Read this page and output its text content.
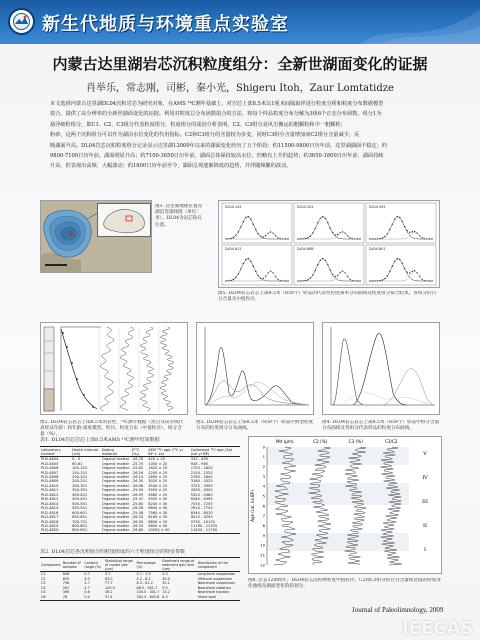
新生代地质与环境重点实验室
内蒙古达里湖岩芯沉积粒度组分：全新世湖面变化的证据
肖举乐，常志刚，司彬，秦小光，Shigeru Itoh，Zaur Lomtatidze
本文选择内蒙古达里湖DL04沉积岩芯为研究对象，在AMS ¹⁴C测年基础上，对岩芯上部8.5米以1厘米间隔取样进行粒度分析和粒度分布数据模型
拟合，提供了高分辨率的全新世湖面变化的证据。利用对粒度总分布函数拟合的方法，将每个样品粒度分布分解为3组6个正态分布函数。组分1为
悬浮细粒组分，即C1、C2、C3组分代表粒度组分。粒度组分的成因分析表明，C2、C3组分是风尘搬运的粗颗粒和中一粗颗粒；
粉砂，这两个沉积组分可以作为湖泊水位变化的代用指标。C2和C3组分的含量较为多变，同时C3组分含量增加而C2组分含量减少，反
映湖面升高。DL04岩芯沉积粒度组分记录显示达里湖12000年以来的湖面变化经历了五个阶段：约11500-9800日历年前，达里湖湖面不稳定；约
9800-7100日历年前，湖面明显升高；约7100-3650日历年前，湖面总体保持较高水位，但略有上升的趋势；约3650-1800日历年前，湖面持续
升高，但表现出高频、大幅波动；约1800日历年前至今，湖面呈现逐渐降低的趋势，并伴随频繁的波动。
图1. 达里湖地理位置及湖泊等深线图（单位：米）。DL04为岩芯钻孔位置。
DL04-145	DL04-302	DL04-455
DL04-612	DL04-688	DL04-801
图5. DL04岩芯岩芯上部8.5米（859个）样品的代表性粒度频率分布曲线及粒度组分拟合结果，各组分的百分含量及中值粒径。
图2. DL04岩芯岩芯上部8.5米的岩性，¹⁴C测年数据（黑点及误差线代表样品年龄）和年龄-深度模型。粒径、粒度分布（中值粒径）、组分含量（%）。
图3. DL04岩芯岩芯上部8.5米（859个）样品中典型粒度分布的粒度组分分布曲线。
图4. DL04岩芯岩芯上部8.5米（859个）样品中组分含量分布曲线及各组分代表样品的粒度分布曲线。
表1. DL04岩芯岩芯上部8.5米AMS ¹⁴C测年结果数据
Laboratory number	Depth interval (cm)	Dating material	δ¹³C (‰)	AMS ¹⁴C age (¹⁴C yr BP ± 1σ)	Calibrated ¹⁴C age (2σ) (cal yr BP)
PLD-4804	0 - 5	Organic matter	-26.78	420 ± 25	333 - 495
PLD-4805	60-61	Organic matter	-25.75	1050 ± 20	928 - 985
PLD-4806	100-101	Organic matter	-25.82	1820 ± 25	1705 - 1820
PLD-4807	150-151	Organic matter	-26.29	2205 ± 25	2150 - 2320
PLD-4808	200-201	Organic matter	-26.14	2690 ± 25	2760 - 2845
PLD-4809	250-251	Organic matter	-26.30	3020 ± 25	3160 - 3325
PLD-4810	300-301	Organic matter	-26.06	3540 ± 25	3725 - 3900
PLD-4811	350-351	Organic matter	-25.94	3955 ± 25	4300 - 4520
PLD-4812	400-401	Organic matter	-26.59	4680 ± 25	5320 - 5480
PLD-4813	450-451	Organic matter	-25.47	5505 ± 30	6265 - 6395
PLD-4814	500-501	Organic matter	-25.80	6245 ± 30	7030 - 7255
PLD-4815	550-551	Organic matter	-26.28	6840 ± 30	7610 - 7725
PLD-4816	600-601	Organic matter	-25.58	7565 ± 30	8340 - 8410
PLD-4817	650-651	Organic matter	-26.33	8165 ± 35	9015 - 9255
PLD-4818	700-701	Organic matter	-26.50	8840 ± 35	9735 - 10155
PLD-4819	800-801	Organic matter	-26.33	9850 ± 40	11190 - 11325
PLD-4820	850-851	Organic matter	-26.80	10050 ± 40	11400 - 11750
表2. DL04岩芯各沉积组分的粒度组成的六个粒度组分的特征参数
Component	Number of samples	Content range (%)	Statistical range of modal size (µm)	Percentage (%)	Dominant range of sediment gain size (µm)	Description of the component
C1	846	0.7	3.7	0.7 - 1.9	2.3	Long-term suspension
C2	859	4.0	63.0	4.2 - 8.1	30.4	Offshore suspension
C3	798	2.7	77.7	8.3 - 61.2	35.1	Nearshore suspension
C4	261	4.7	100.0	66.5 - 901.7	9.5	Nearshore saltation
C5	396	0.6	38.2	100.0 - 301.7	13.2	Nearshore traction
C6	78	0.4	37.4	301.3 - 602.8	8.3	Shore load
Md (µm)	C2 (%)	C3 (%)	C3/C2
0
1
2
3
4
5
6
7
8
9
10
11
12
Age (cal. ka BP)
V
IV
III
II
I
图6. 过去12000年，DL04岩芯沉积物粒度中值粒径，C2和C3组分的百分含量和比值的时间变化曲线及湖面变化阶段划分。
Journal of Paleolimnology, 2009
IEECAS
